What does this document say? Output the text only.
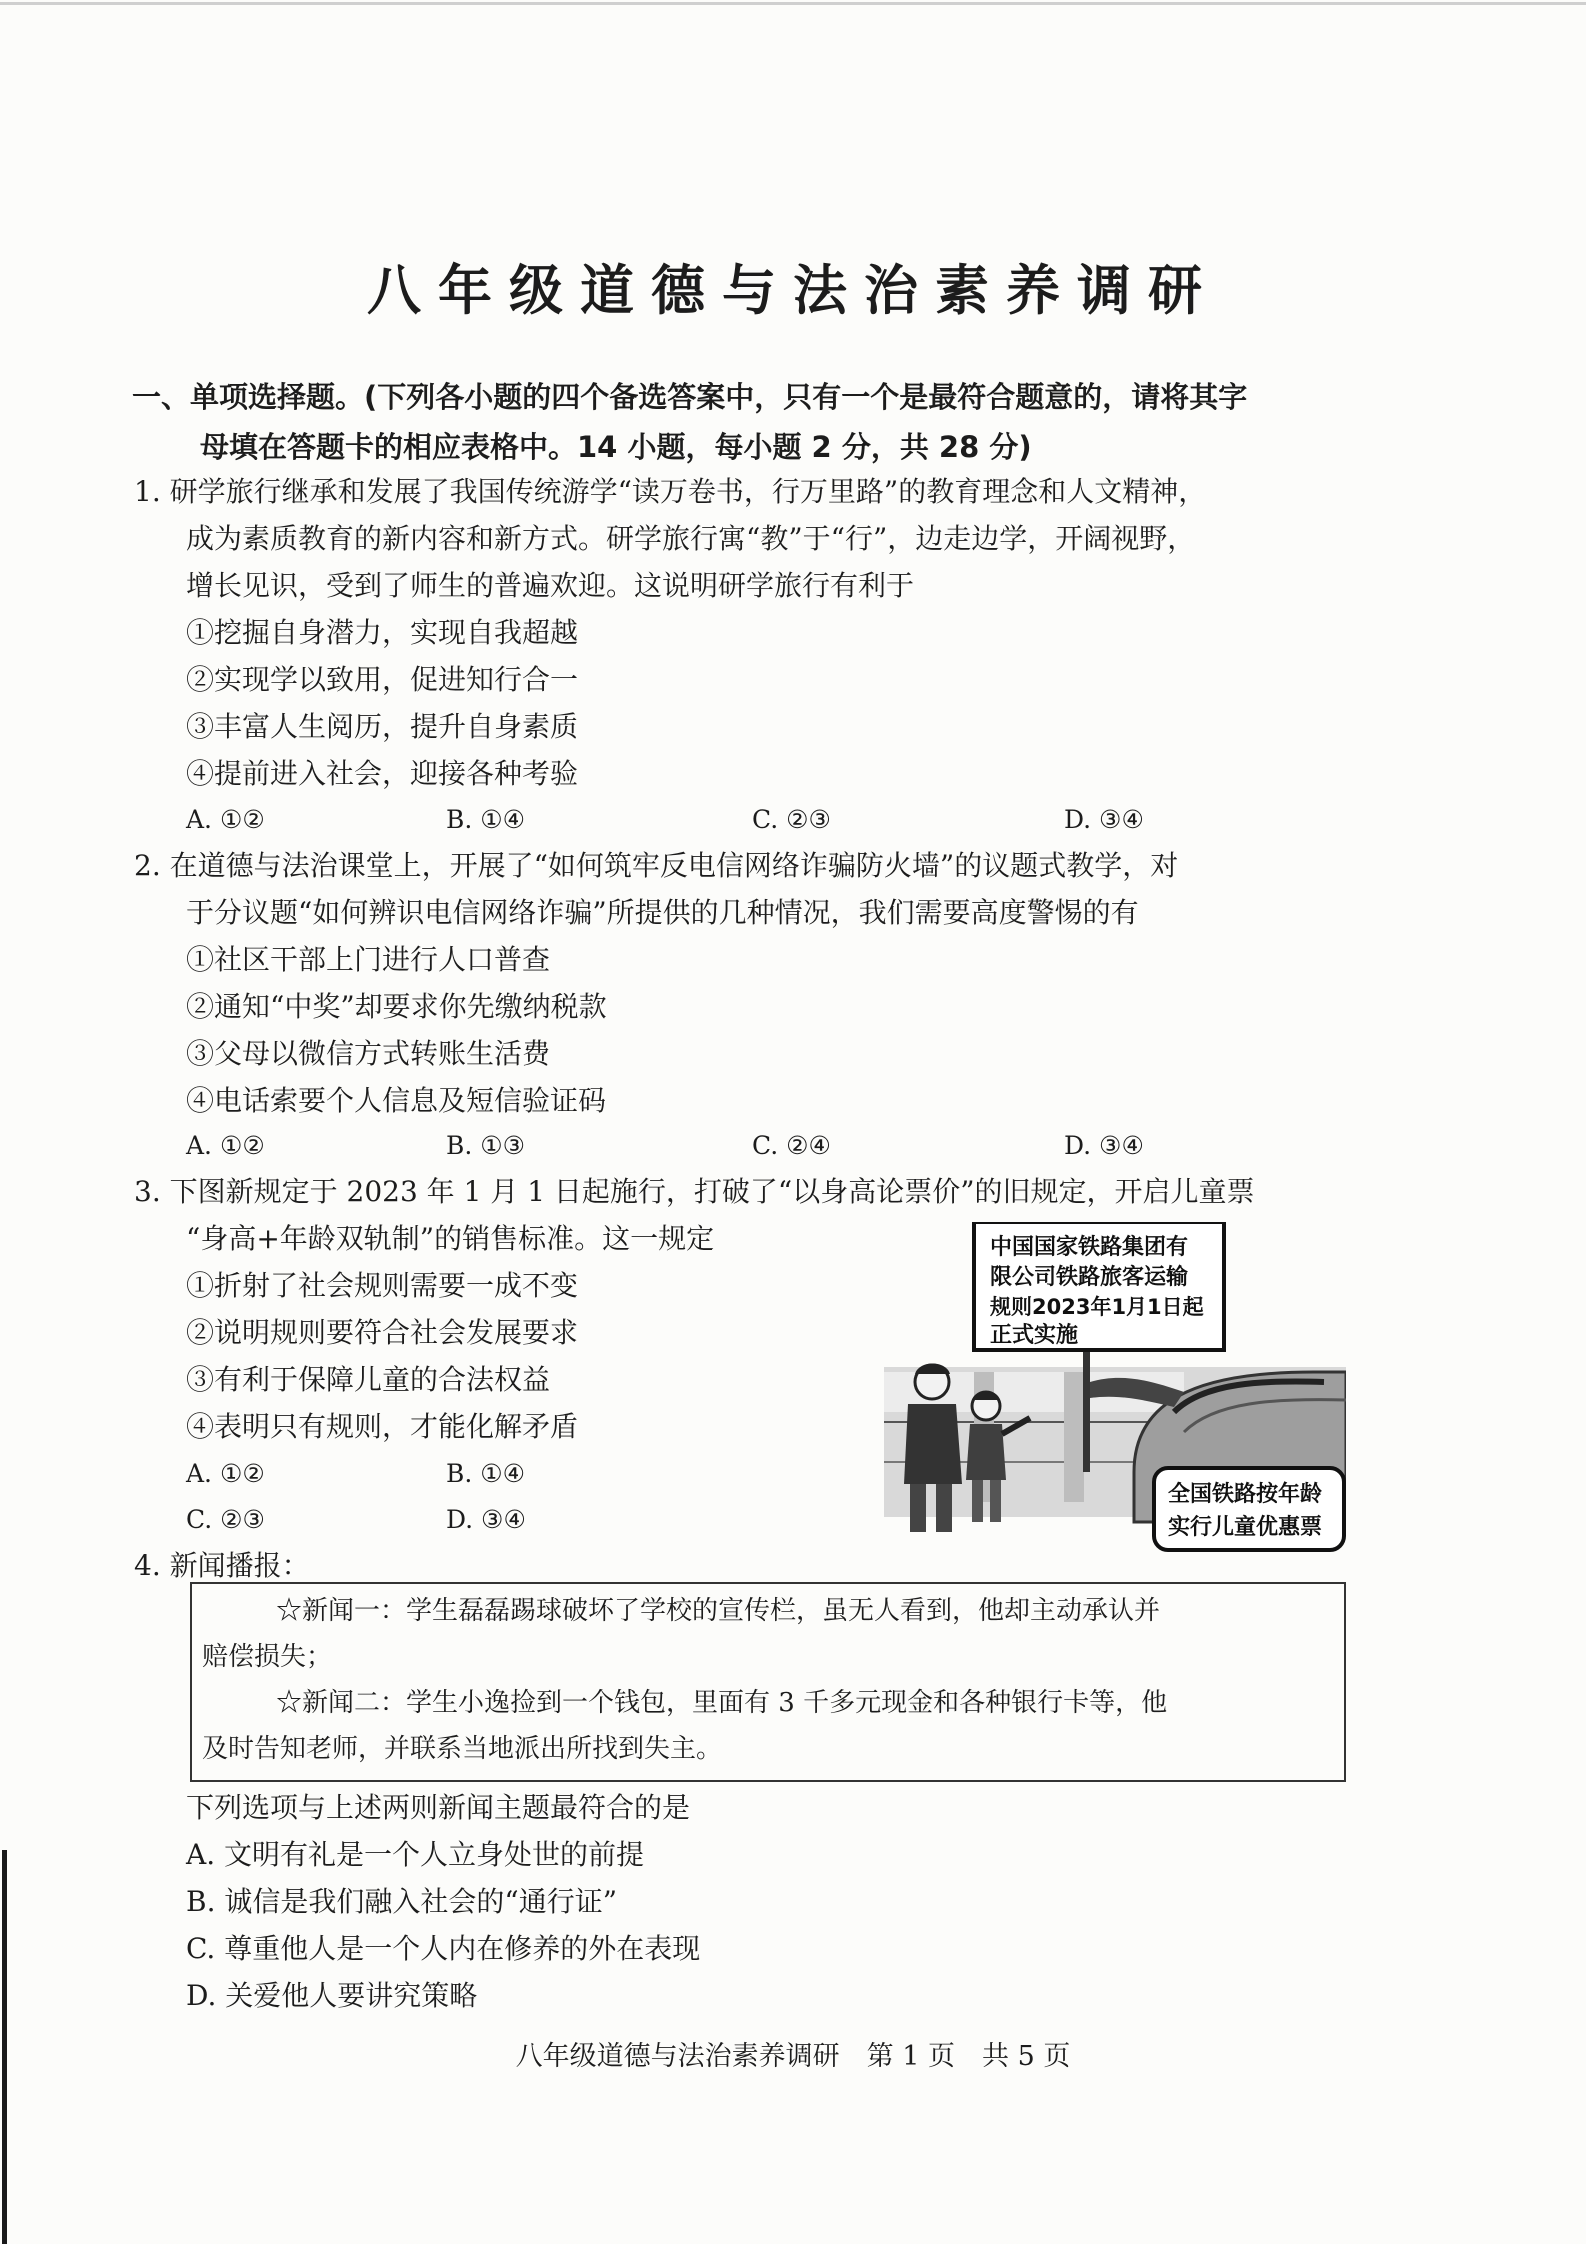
八年级道德与法治素养调研
一、单项选择题。(下列各小题的四个备选答案中，只有一个是最符合题意的，请将其字
母填在答题卡的相应表格中。14 小题，每小题 2 分，共 28 分)
1. 研学旅行继承和发展了我国传统游学“读万卷书，行万里路”的教育理念和人文精神，
成为素质教育的新内容和新方式。研学旅行寓“教”于“行”，边走边学，开阔视野，
增长见识，受到了师生的普遍欢迎。这说明研学旅行有利于
①挖掘自身潜力，实现自我超越
②实现学以致用，促进知行合一
③丰富人生阅历，提升自身素质
④提前进入社会，迎接各种考验
A. ①②	B. ①④	C. ②③	D. ③④
2. 在道德与法治课堂上，开展了“如何筑牢反电信网络诈骗防火墙”的议题式教学，对
于分议题“如何辨识电信网络诈骗”所提供的几种情况，我们需要高度警惕的有
①社区干部上门进行人口普查
②通知“中奖”却要求你先缴纳税款
③父母以微信方式转账生活费
④电话索要个人信息及短信验证码
A. ①②	B. ①③	C. ②④	D. ③④
3. 下图新规定于 2023 年 1 月 1 日起施行，打破了“以身高论票价”的旧规定，开启儿童票
“身高+年龄双轨制”的销售标准。这一规定
①折射了社会规则需要一成不变
②说明规则要符合社会发展要求
③有利于保障儿童的合法权益
④表明只有规则，才能化解矛盾
A. ①②	B. ①④
C. ②③	D. ③④
中国国家铁路集团有
限公司铁路旅客运输
规则2023年1月1日起
正式实施
全国铁路按年龄
实行儿童优惠票
4. 新闻播报：
☆新闻一：学生磊磊踢球破坏了学校的宣传栏，虽无人看到，他却主动承认并
赔偿损失；
☆新闻二：学生小逸捡到一个钱包，里面有 3 千多元现金和各种银行卡等，他
及时告知老师，并联系当地派出所找到失主。
下列选项与上述两则新闻主题最符合的是
A. 文明有礼是一个人立身处世的前提
B. 诚信是我们融入社会的“通行证”
C. 尊重他人是一个人内在修养的外在表现
D. 关爱他人要讲究策略
八年级道德与法治素养调研　第 1 页　共 5 页
